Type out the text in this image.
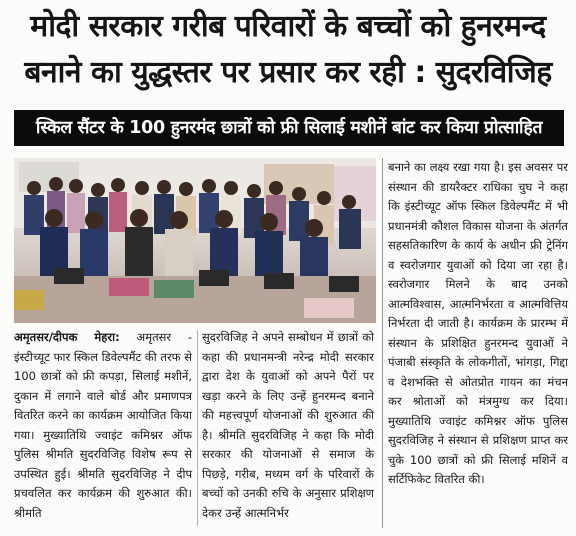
मोदी सरकार गरीब परिवारों के बच्चों को हुनरमन्द
बनाने का युद्धस्तर पर प्रसार कर रही : सुदरविजिह
स्किल सैंटर के 100 हुनरमंद छात्रों को फ्री सिलाई मशीनें बांट कर किया प्रोत्साहित
अमृतसर/दीपक मेहरा: अमृतसर - इंस्टीच्यूट फार स्किल डिवेल्पमैंट की तरफ से 100 छात्रों को फ्री कपड़ा, सिलाई मशीनें, दुकान में लगाने वाले बोर्ड और प्रमाणपत्र वितरित करने का कार्यक्रम आयोजित किया गया। मुख्यातिथि ज्वाइंट कमिश्नर ऑफ पुलिस श्रीमति सुदरविजिह विशेष रूप से उपस्थित हुई। श्रीमति सुदरविजिह ने दीप प्रचवलित कर कार्यक्रम की शुरुआत की। श्रीमति
सुदरविजिह ने अपने सम्बोधन में छात्रों को कहा की प्रधानमन्त्री नरेन्द्र मोदी सरकार द्वारा देश के युवाओं को अपने पैरों पर खड़ा करने के लिए उन्हें हुनरमन्द बनाने की महत्त्वपूर्ण योजनाओं की शुरुआत की है। श्रीमति सुदरविजिह ने कहा कि मोदी सरकार की योजनाओं से समाज के पिछड़े, गरीब, मध्यम वर्ग के परिवारों के बच्चों को उनकी रुचि के अनुसार प्रशिक्षण देकर उन्हें आत्मनिर्भर
बनाने का लक्ष्य रखा गया है। इस अवसर पर संस्थान की डायरैक्टर राधिका चुघ ने कहा कि इंस्टीच्यूट ऑफ स्किल डिवेल्पमैंट में भी प्रधानमंत्री कौशल विकास योजना के अंतर्गत सहसतिकारिण के कार्य के अधीन फ्री ट्रेनिंग व स्वरोजगार युवाओं को दिया जा रहा है। स्वरोजगार मिलने के बाद उनको आत्मविश्वास, आत्मनिर्भरता व आत्मवित्तिय निर्भरता दी जाती है। कार्यक्रम के प्रारम्भ में संस्थान के प्रशिक्षित हुनरमन्द युवाओं ने पंजाबी संस्कृति के लोकगीतों, भांगड़ा, गिद्दा व देशभक्ति से ओतप्रोत गायन का मंचन कर श्रोताओं को मंत्रमुग्ध कर दिया। मुख्यातिथि ज्वाइंट कमिश्नर ऑफ पुलिस सुदरविजिह ने संस्थान से प्रशिक्षण प्राप्त कर चुके 100 छात्रों को फ्री सिलाई मशिनें व सर्टिफिकेट वितरित की।
